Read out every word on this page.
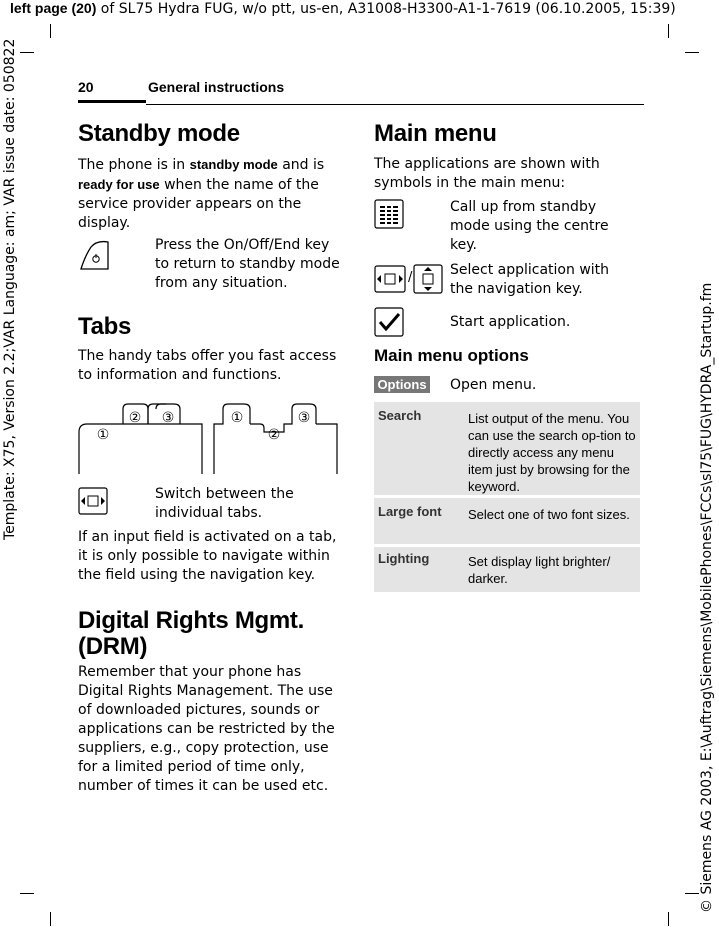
left page (20) of SL75 Hydra FUG, w/o ptt, us-en, A31008-H3300-A1-1-7619 (06.10.2005, 15:39)
Template: X75, Version 2.2;VAR Language: am; VAR issue date: 050822	© Siemens AG 2003, E:\Auftrag\Siemens\MobilePhones\FCCs\sl75\FUG\HYDRA_Startup.fm
20	General instructions
Standby mode

The phone is in standby mode and is ready for use when the name of the service provider appears on the display.

Press the On/Off/End key to return to standby mode from any situation.

Tabs

The handy tabs offer you fast access to information and functions.

①
② ③	①
②
③

Switch between the individual tabs.

If an input field is activated on a tab, it is only possible to navigate within the field using the navigation key.

Digital Rights Mgmt. (DRM)

Remember that your phone has Digital Rights Management. The use of downloaded pictures, sounds or applications can be restricted by the suppliers, e.g., copy protection, use for a limited period of time only, number of times it can be used etc.

Main menu

The applications are shown with symbols in the main menu:

Call up from standby mode using the centre key.

/	Select application with the navigation key.

Start application.

Main menu options
Options Open menu.

Search	List output of the menu. You can use the search op-tion to directly access any menu item just by browsing for the keyword.
Large font Select one of two font sizes.
Lighting	Set display light brighter/ darker.
